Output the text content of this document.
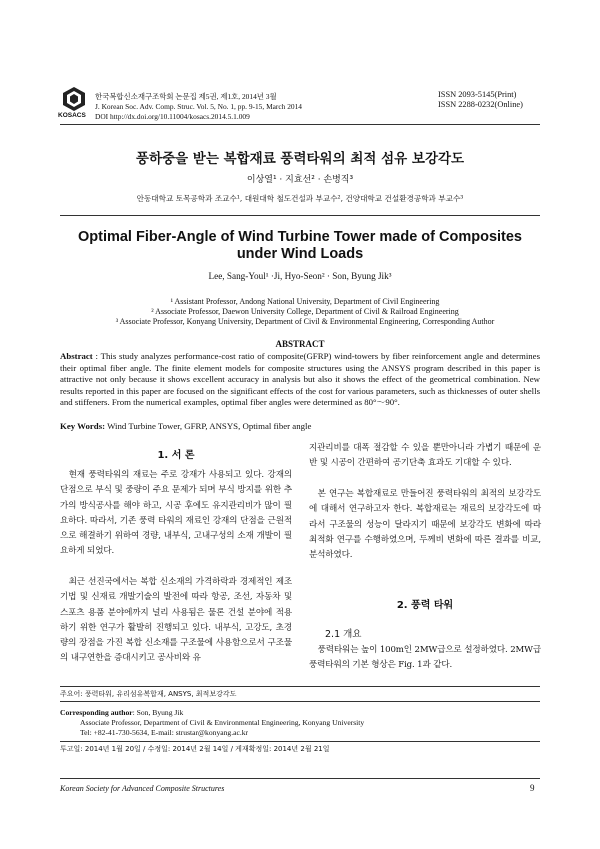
KOSACS
한국복합신소재구조학회 논문집 제5권, 제1호, 2014년 3월
J. Korean Soc. Adv. Comp. Struc. Vol. 5, No. 1, pp. 9-15, March 2014
DOI http://dx.doi.org/10.11004/kosacs.2014.5.1.009
ISSN 2093-5145(Print)
ISSN 2288-0232(Online)
풍하중을 받는 복합재료 풍력타워의 최적 섬유 보강각도
이상열¹ · 지효선² · 손병직³
안동대학교 토목공학과 조교수¹, 대원대학 철도건설과 부교수², 건양대학교 건설환경공학과 부교수³
Optimal Fiber-Angle of Wind Turbine Tower made of Composites under Wind Loads
Lee, Sang-Youl¹ ·Ji, Hyo-Seon² · Son, Byung Jik³
¹ Assistant Professor, Andong National University, Department of Civil Engineering
² Associate Professor, Daewon University College, Department of Civil & Railroad Engineering
³ Associate Professor, Konyang University, Department of Civil & Environmental Engineering, Corresponding Author
ABSTRACT
Abstract : This study analyzes performance-cost ratio of composite(GFRP) wind-towers by fiber reinforcement angle and determines their optimal fiber angle. The finite element models for composite structures using the ANSYS program described in this paper is attractive not only because it shows excellent accuracy in analysis but also it shows the effect of the geometrical combination. New results reported in this paper are focused on the significant effects of the cost for various parameters, such as thicknesses of outer shells and stiffeners. From the numerical examples, optimal fiber angles were determined as 80°～90°.
Key Words: Wind Turbine Tower, GFRP, ANSYS, Optimal fiber angle
1. 서 론
현재 풍력타워의 재료는 주로 강재가 사용되고 있다. 강재의 단점으로 부식 및 중량이 주요 문제가 되며 부식 방지를 위한 추가의 방식공사를 해야 하고, 시공 후에도 유지관리비가 많이 필요하다. 따라서, 기존 풍력 타워의 재료인 강재의 단점을 근원적으로 해결하기 위하여 경량, 내부식, 고내구성의 소재 개발이 필요하게 되었다.
최근 선진국에서는 복합 신소재의 가격하락과 경제적인 제조기법 및 신재료 개발기술의 발전에 따라 항공, 조선, 자동차 및 스포츠 용품 분야에까지 널리 사용됨은 물론 건설 분야에 적용하기 위한 연구가 활발히 진행되고 있다. 내부식, 고강도, 초경량의 장점을 가진 복합 신소재를 구조물에 사용함으로서 구조물의 내구연한을 증대시키고 공사비와 유
지관리비를 대폭 절감할 수 있을 뿐만아니라 가볍기 때문에 운반 및 시공이 간편하여 공기단축 효과도 기대할 수 있다.
본 연구는 복합재료로 만들어진 풍력타워의 최적의 보강각도에 대해서 연구하고자 한다. 복합재료는 재료의 보강각도에 따라서 구조물의 성능이 달라지기 때문에 보강각도 변화에 따라 최적화 연구를 수행하였으며, 두께비 변화에 따른 결과를 비교, 분석하였다.
2. 풍력 타워
2.1 개요
풍력타워는 높이 100m인 2MW급으로 설정하였다. 2MW급 풍력타워의 기본 형상은 Fig. 1과 같다.
주요어: 풍력타워, 유리섬유복합재, ANSYS, 최적보강각도
Corresponding author: Son, Byung Jik
Associate Professor, Department of Civil & Environmental Engineering, Konyang University
Tel: +82-41-730-5634, E-mail: strustar@konyang.ac.kr
투고일: 2014년 1월 20일 / 수정일: 2014년 2월 14일 / 게재확정일: 2014년 2월 21일
Korean Society for Advanced Composite Structures	9
